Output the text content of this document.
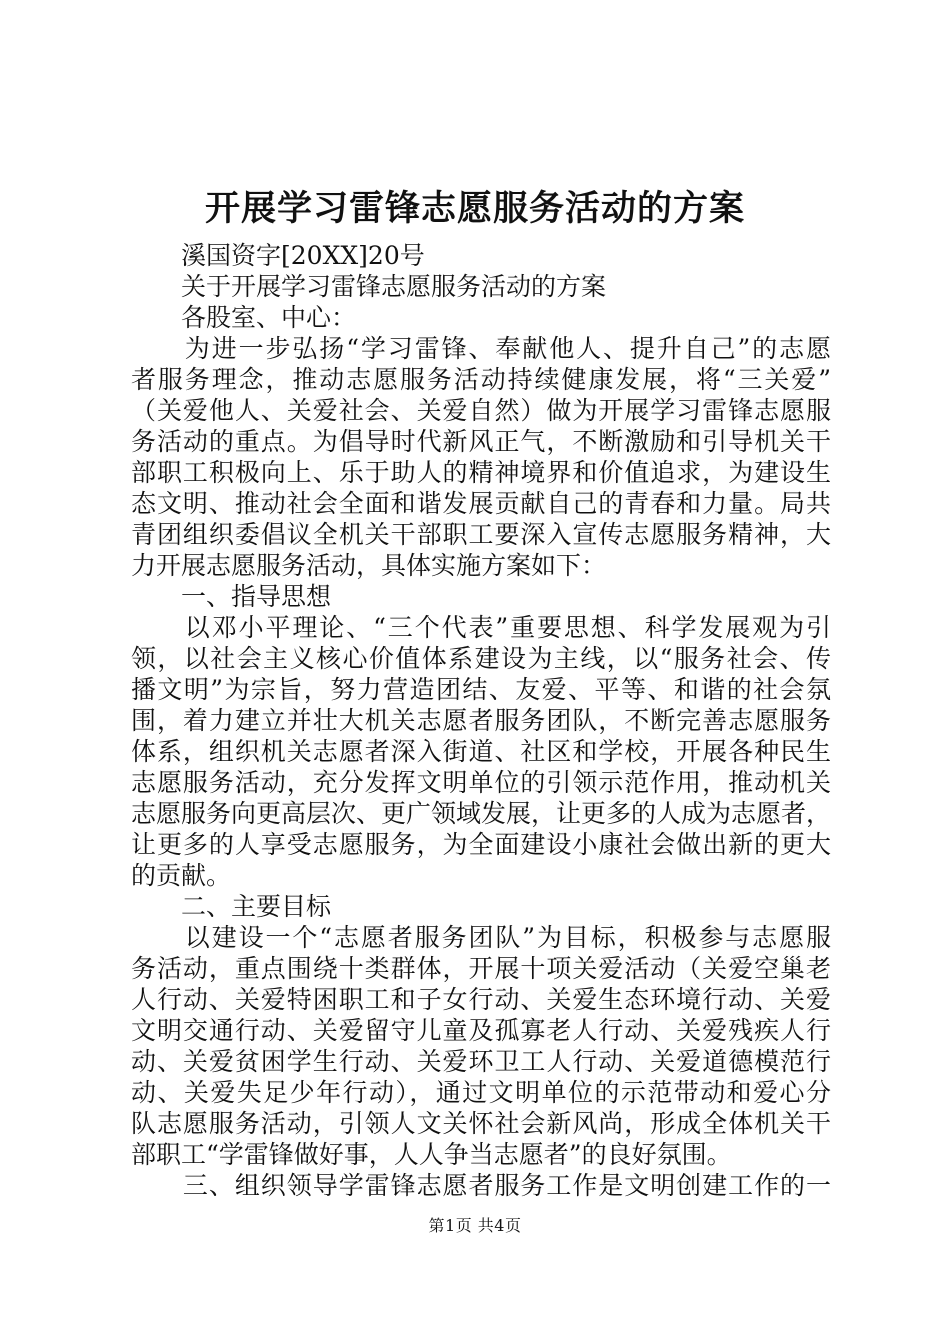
开展学习雷锋志愿服务活动的方案

　　溪国资字[20XX]20号

　　关于开展学习雷锋志愿服务活动的方案

　　各股室、中心：

　　为进一步弘扬“学习雷锋、奉献他人、提升自己”的志愿

者服务理念，推动志愿服务活动持续健康发展，将“三关爱”

（关爱他人、关爱社会、关爱自然）做为开展学习雷锋志愿服

务活动的重点。为倡导时代新风正气，不断激励和引导机关干

部职工积极向上、乐于助人的精神境界和价值追求，为建设生

态文明、推动社会全面和谐发展贡献自己的青春和力量。局共

青团组织委倡议全机关干部职工要深入宣传志愿服务精神，大

力开展志愿服务活动，具体实施方案如下：

　　一、指导思想

　　以邓小平理论、“三个代表”重要思想、科学发展观为引

领，以社会主义核心价值体系建设为主线，以“服务社会、传

播文明”为宗旨，努力营造团结、友爱、平等、和谐的社会氛

围，着力建立并壮大机关志愿者服务团队，不断完善志愿服务

体系，组织机关志愿者深入街道、社区和学校，开展各种民生

志愿服务活动，充分发挥文明单位的引领示范作用，推动机关

志愿服务向更高层次、更广领域发展，让更多的人成为志愿者，

让更多的人享受志愿服务，为全面建设小康社会做出新的更大

的贡献。

　　二、主要目标

　　以建设一个“志愿者服务团队”为目标，积极参与志愿服

务活动，重点围绕十类群体，开展十项关爱活动（关爱空巢老

人行动、关爱特困职工和子女行动、关爱生态环境行动、关爱

文明交通行动、关爱留守儿童及孤寡老人行动、关爱残疾人行

动、关爱贫困学生行动、关爱环卫工人行动、关爱道德模范行

动、关爱失足少年行动），通过文明单位的示范带动和爱心分

队志愿服务活动，引领人文关怀社会新风尚，形成全体机关干

部职工“学雷锋做好事，人人争当志愿者”的良好氛围。

　　三、组织领导学雷锋志愿者服务工作是文明创建工作的一

第1页 共4页
